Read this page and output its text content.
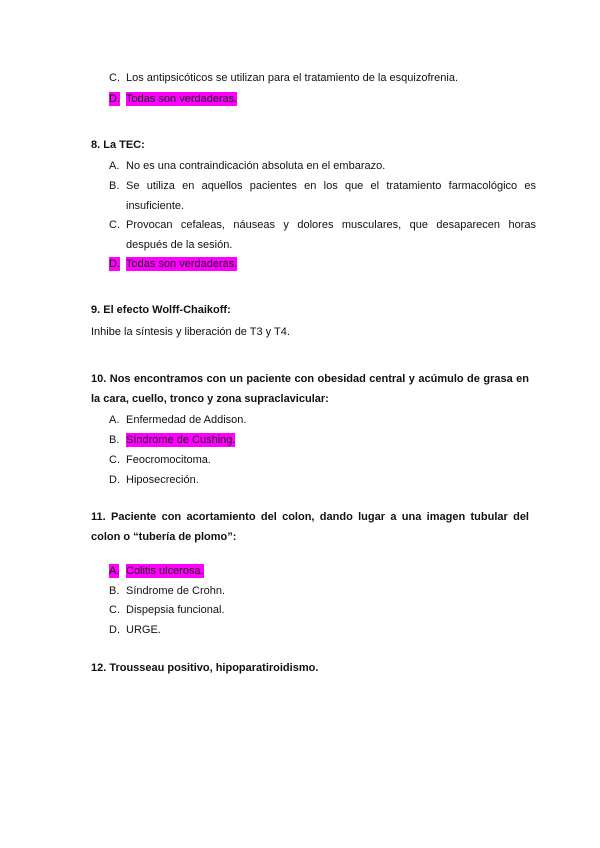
C. Los antipsicóticos se utilizan para el tratamiento de la esquizofrenia.
D. Todas son verdaderas.
8. La TEC:
A. No es una contraindicación absoluta en el embarazo.
B. Se utiliza en aquellos pacientes en los que el tratamiento farmacológico es
insuficiente.
C. Provocan cefaleas, náuseas y dolores musculares, que desaparecen horas
después de la sesión.
D. Todas son verdaderas.
9. El efecto Wolff-Chaikoff:
Inhibe la síntesis y liberación de T3 y T4.
10. Nos encontramos con un paciente con obesidad central y acúmulo de grasa en
la cara, cuello, tronco y zona supraclavicular:
A. Enfermedad de Addison.
B. Síndrome de Cushing.
C. Feocromocitoma.
D. Hiposecreción.
11. Paciente con acortamiento del colon, dando lugar a una imagen tubular del
colon o “tubería de plomo”:
A. Colitis ulcerosa.
B. Síndrome de Crohn.
C. Dispepsia funcional.
D. URGE.
12. Trousseau positivo, hipoparatiroidismo.
